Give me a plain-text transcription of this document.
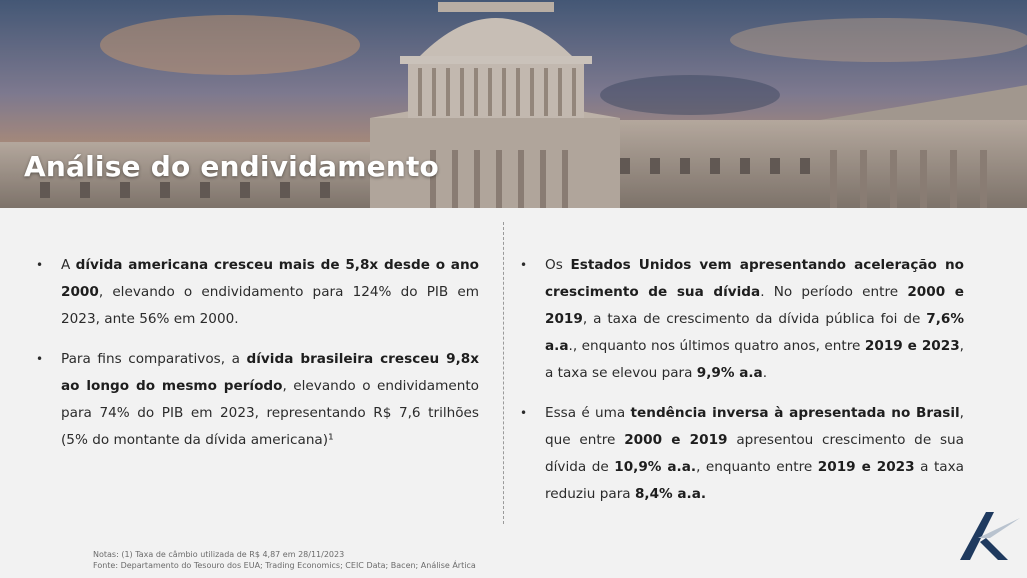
Análise do endividamento
• A dívida americana cresceu mais de 5,8x desde o ano 2000, elevando o endividamento para 124% do PIB em 2023, ante 56% em 2000.
• Para fins comparativos, a dívida brasileira cresceu 9,8x ao longo do mesmo período, elevando o endividamento para 74% do PIB em 2023, representando R$ 7,6 trilhões (5% do montante da dívida americana)¹
• Os Estados Unidos vem apresentando aceleração no crescimento de sua dívida. No período entre 2000 e 2019, a taxa de crescimento da dívida pública foi de 7,6% a.a., enquanto nos últimos quatro anos, entre 2019 e 2023, a taxa se elevou para 9,9% a.a.
• Essa é uma tendência inversa à apresentada no Brasil, que entre 2000 e 2019 apresentou crescimento de sua dívida de 10,9% a.a., enquanto entre 2019 e 2023 a taxa reduziu para 8,4% a.a.
Notas: (1) Taxa de câmbio utilizada de R$ 4,87 em 28/11/2023
Fonte: Departamento do Tesouro dos EUA; Trading Economics; CEIC Data; Bacen; Análise Ártica
